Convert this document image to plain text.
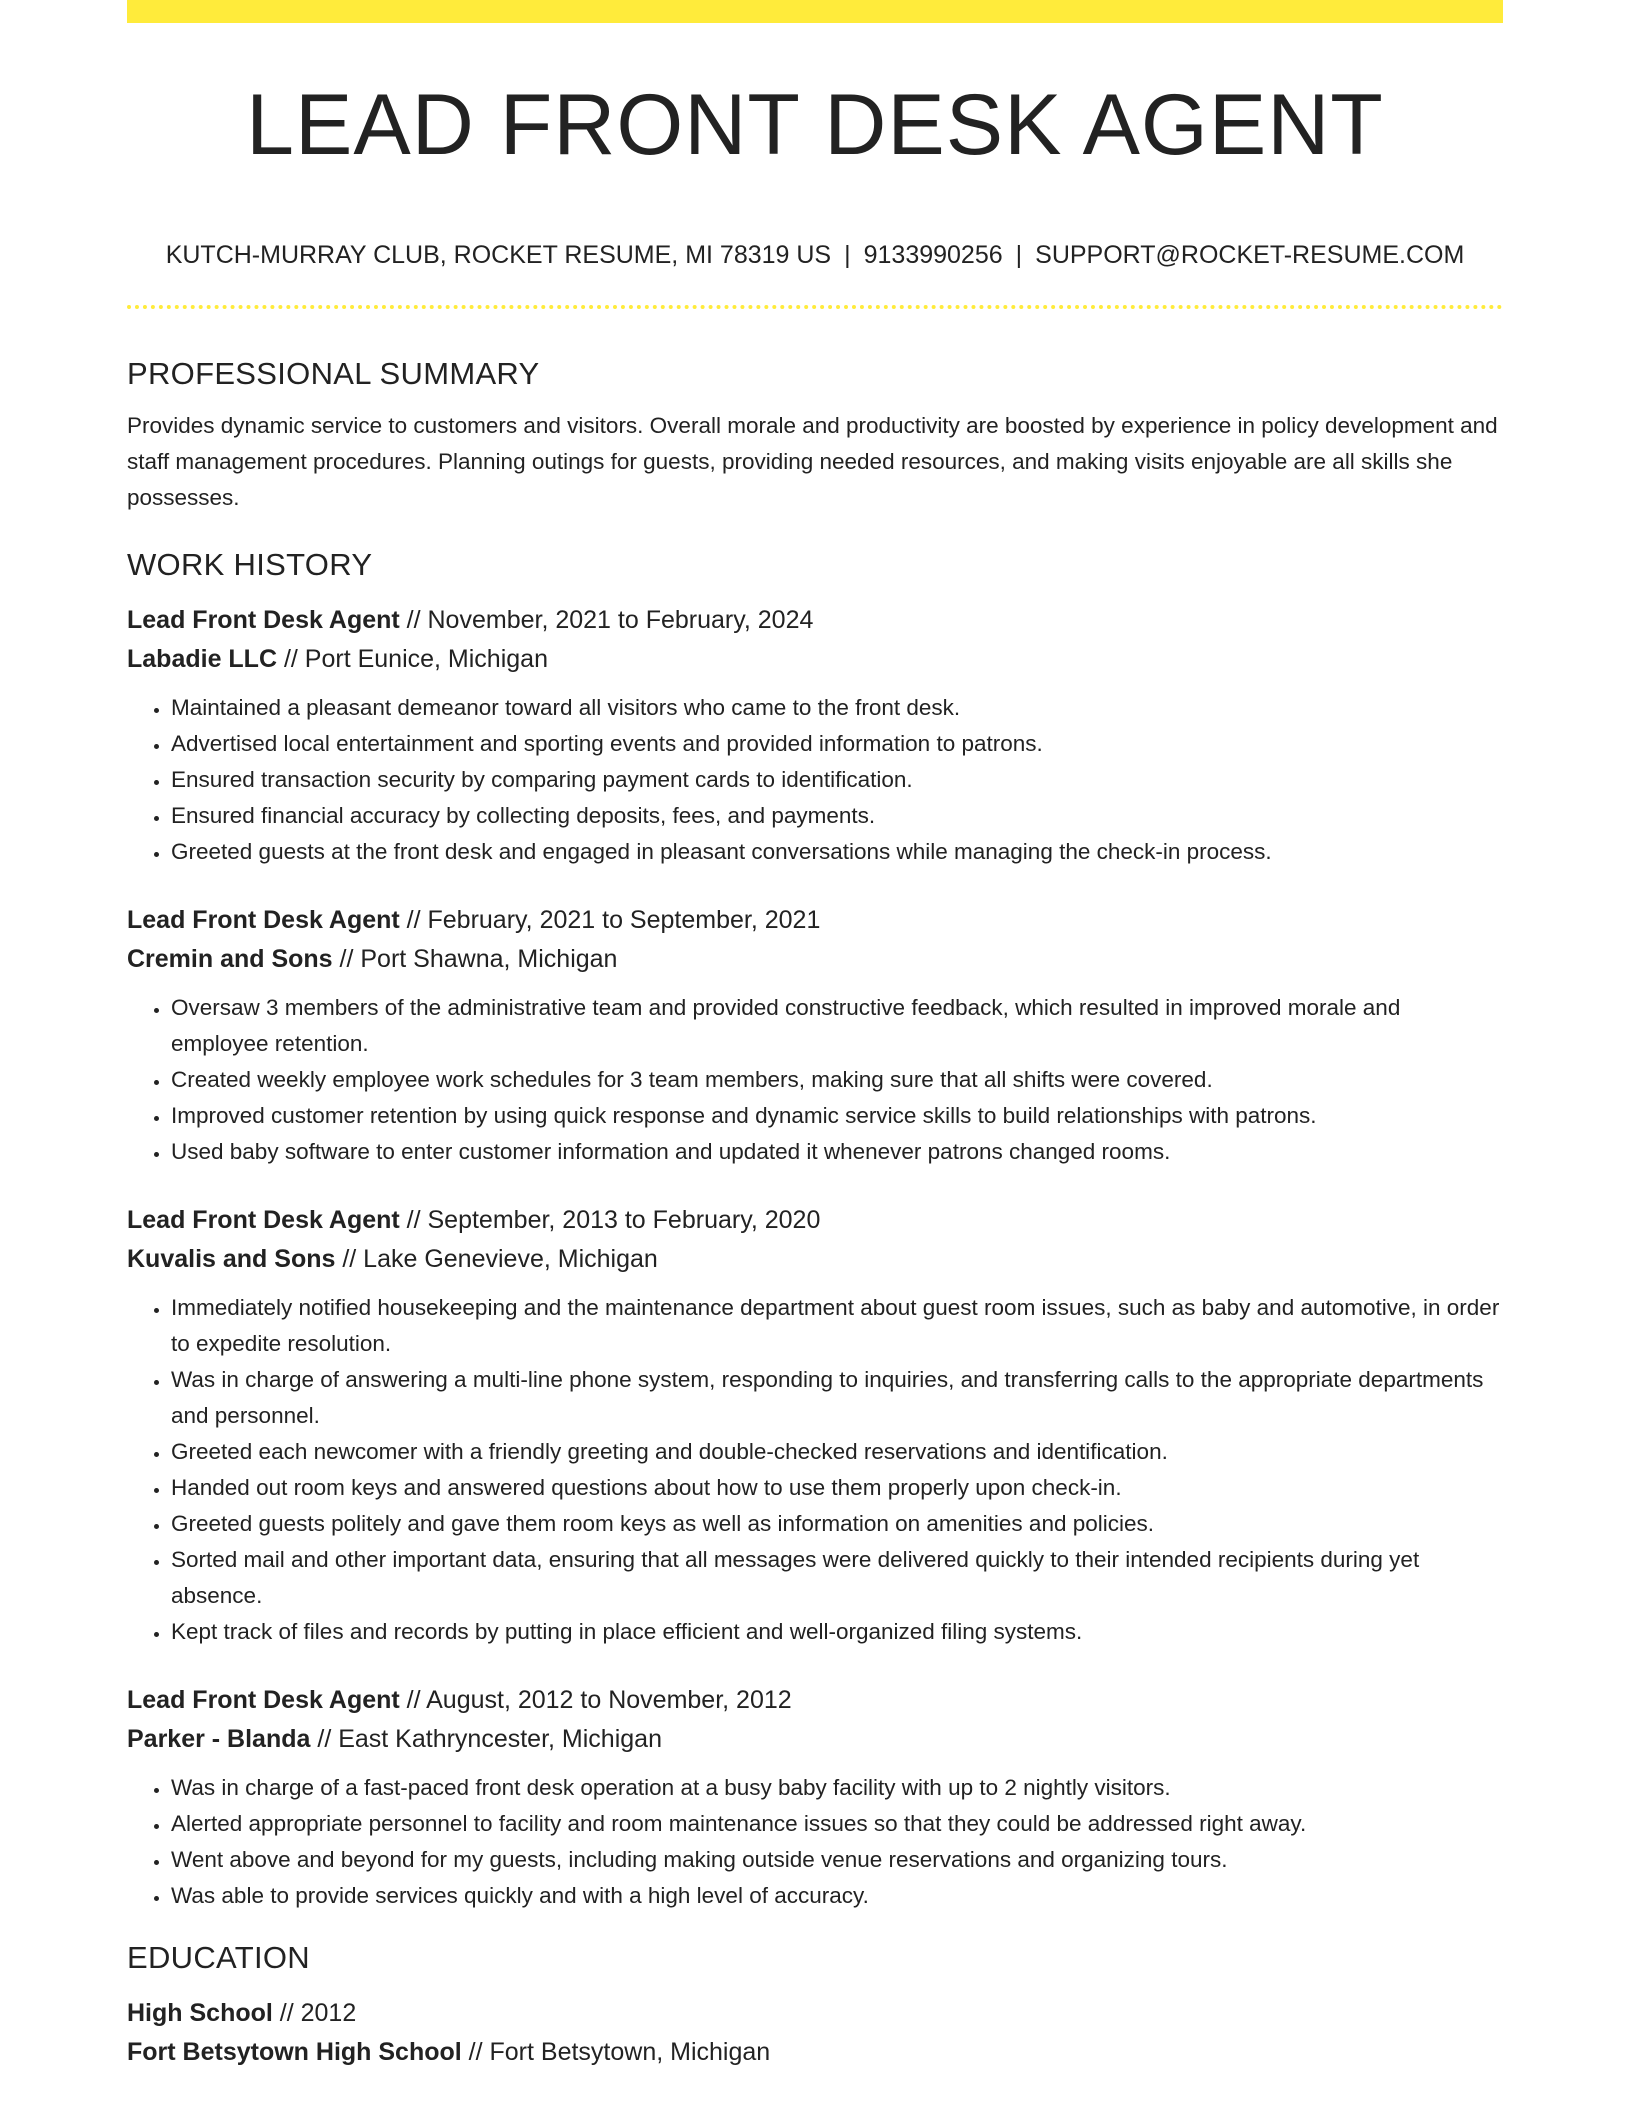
LEAD FRONT DESK AGENT
KUTCH-MURRAY CLUB, ROCKET RESUME, MI 78319 US | 9133990256 | SUPPORT@ROCKET-RESUME.COM
PROFESSIONAL SUMMARY

Provides dynamic service to customers and visitors. Overall morale and productivity are boosted by experience in policy development and staff management procedures. Planning outings for guests, providing needed resources, and making visits enjoyable are all skills she possesses.

WORK HISTORY

Lead Front Desk Agent // November, 2021 to February, 2024

Labadie LLC // Port Eunice, Michigan

• Maintained a pleasant demeanor toward all visitors who came to the front desk.
• Advertised local entertainment and sporting events and provided information to patrons.
• Ensured transaction security by comparing payment cards to identification.
• Ensured financial accuracy by collecting deposits, fees, and payments.
• Greeted guests at the front desk and engaged in pleasant conversations while managing the check-in process.

Lead Front Desk Agent // February, 2021 to September, 2021

Cremin and Sons // Port Shawna, Michigan

• Oversaw 3 members of the administrative team and provided constructive feedback, which resulted in improved morale and employee retention.
• Created weekly employee work schedules for 3 team members, making sure that all shifts were covered.
• Improved customer retention by using quick response and dynamic service skills to build relationships with patrons.
• Used baby software to enter customer information and updated it whenever patrons changed rooms.

Lead Front Desk Agent // September, 2013 to February, 2020

Kuvalis and Sons // Lake Genevieve, Michigan

• Immediately notified housekeeping and the maintenance department about guest room issues, such as baby and automotive, in order to expedite resolution.
• Was in charge of answering a multi-line phone system, responding to inquiries, and transferring calls to the appropriate departments and personnel.
• Greeted each newcomer with a friendly greeting and double-checked reservations and identification.
• Handed out room keys and answered questions about how to use them properly upon check-in.
• Greeted guests politely and gave them room keys as well as information on amenities and policies.
• Sorted mail and other important data, ensuring that all messages were delivered quickly to their intended recipients during yet absence.
• Kept track of files and records by putting in place efficient and well-organized filing systems.

Lead Front Desk Agent // August, 2012 to November, 2012

Parker - Blanda // East Kathryncester, Michigan

• Was in charge of a fast-paced front desk operation at a busy baby facility with up to 2 nightly visitors.
• Alerted appropriate personnel to facility and room maintenance issues so that they could be addressed right away.
• Went above and beyond for my guests, including making outside venue reservations and organizing tours.
• Was able to provide services quickly and with a high level of accuracy.
EDUCATION

High School // 2012

Fort Betsytown High School // Fort Betsytown, Michigan
